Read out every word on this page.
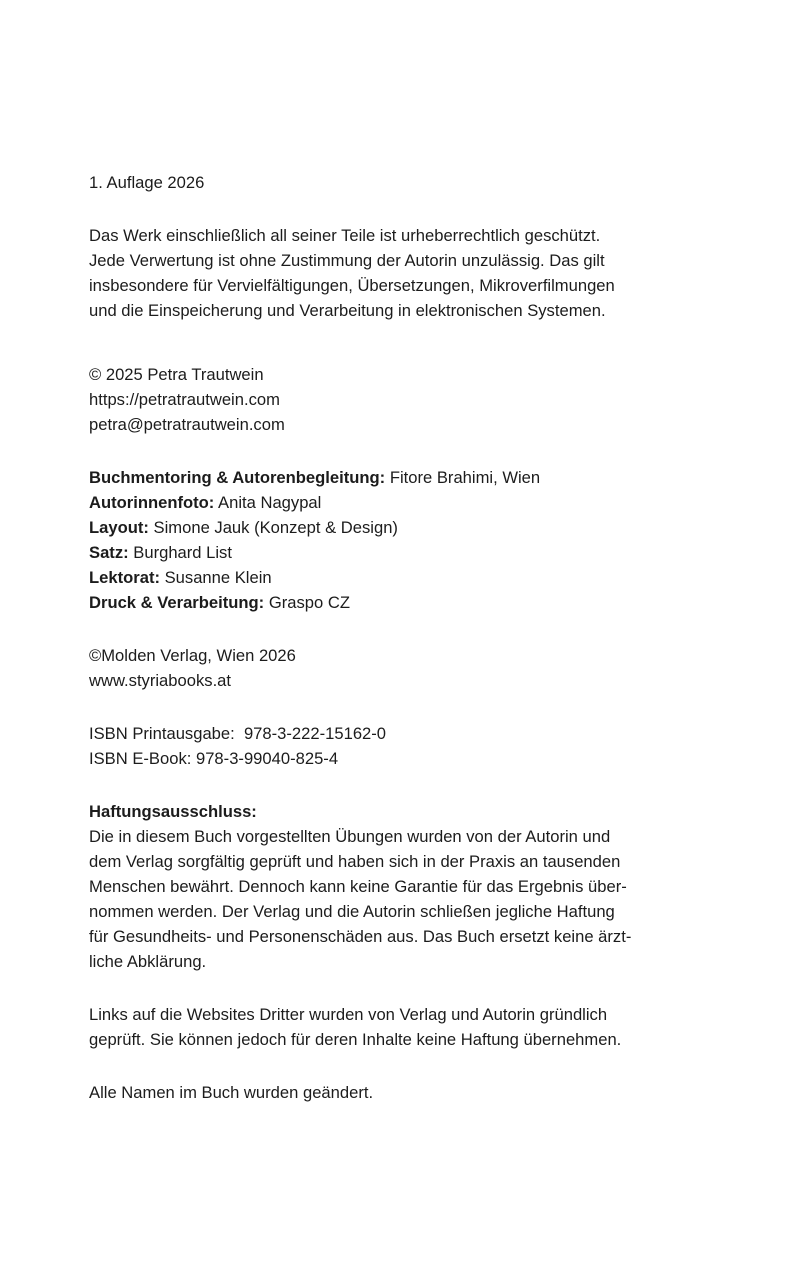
1. Auflage 2026
Das Werk einschließlich all seiner Teile ist urheberrechtlich geschützt.
Jede Verwertung ist ohne Zustimmung der Autorin unzulässig. Das gilt
insbesondere für Vervielfältigungen, Übersetzungen, Mikroverfilmungen
und die Einspeicherung und Verarbeitung in elektronischen Systemen.
© 2025 Petra Trautwein
https://petratrautwein.com
petra@petratrautwein.com
Buchmentoring & Autorenbegleitung: Fitore Brahimi, Wien
Autorinnenfoto: Anita Nagypal
Layout: Simone Jauk (Konzept & Design)
Satz: Burghard List
Lektorat: Susanne Klein
Druck & Verarbeitung: Graspo CZ
©Molden Verlag, Wien 2026
www.styriabooks.at
ISBN Printausgabe:  978-3-222-15162-0
ISBN E-Book: 978-3-99040-825-4
Haftungsausschluss:
Die in diesem Buch vorgestellten Übungen wurden von der Autorin und
dem Verlag sorgfältig geprüft und haben sich in der Praxis an tausenden
Menschen bewährt. Dennoch kann keine Garantie für das Ergebnis über-
nommen werden. Der Verlag und die Autorin schließen jegliche Haftung
für Gesundheits- und Personenschäden aus. Das Buch ersetzt keine ärzt-
liche Abklärung.
Links auf die Websites Dritter wurden von Verlag und Autorin gründlich
geprüft. Sie können jedoch für deren Inhalte keine Haftung übernehmen.
Alle Namen im Buch wurden geändert.
